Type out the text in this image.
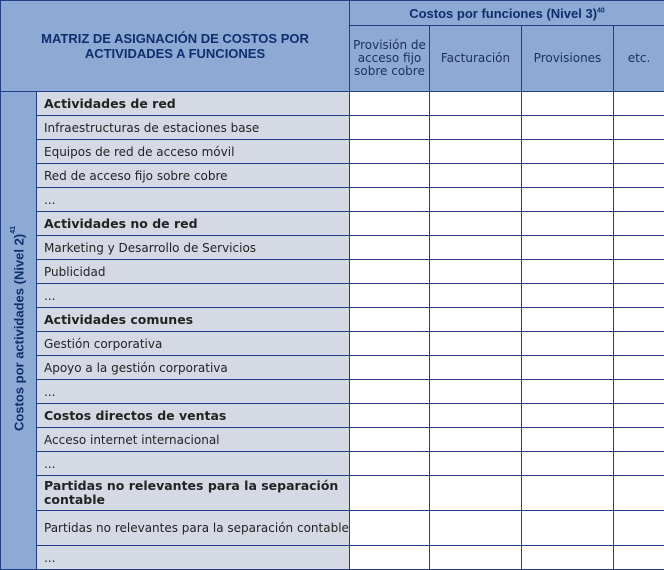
MATRIZ DE ASIGNACIÓN DE COSTOS POR ACTIVIDADES A FUNCIONES		Costos por funciones (Nivel 3)$^{40}$
		Provisión de acceso fijo sobre cobre	Facturación	Provisiones	etc.
Costos por actividades (Nivel 2)$^{41}$	Actividades de red				
	Infraestructuras de estaciones base				
	Equipos de red de acceso móvil				
	Red de acceso fijo sobre cobre				
	...				
	Actividades no de red				
	Marketing y Desarrollo de Servicios				
	Publicidad				
	...				
	Actividades comunes				
	Gestión corporativa				
	Apoyo a la gestión corporativa				
	...				
	Costos directos de ventas				
	Acceso internet internacional				
	...				
	Partidas no relevantes para la separación contable				
	Partidas no relevantes para la separación contable				
	...				
